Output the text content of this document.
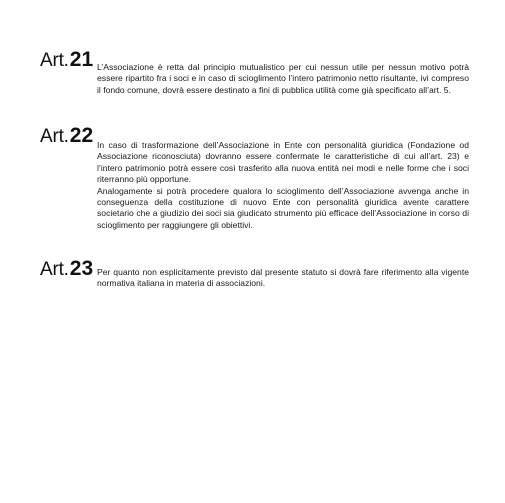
Art.21 L’Associazione è retta dal principio mutualistico per cui nessun utile per nessun motivo potrà essere ripartito fra i soci e in caso di scioglimento l’intero patrimonio netto risultante, ivi compreso il fondo comune, dovrà essere destinato a fini di pubblica utilità come già specificato all’art. 5.

Art.22 In caso di trasformazione dell’Associazione in Ente con personalità giuridica (Fondazione od Associazione riconosciuta) dovranno essere confermate le caratteristiche di cui all’art. 23) e l’intero patrimonio potrà essere così trasferito alla nuova entità nei modi e nelle forme che i soci riterranno più opportune.

Analogamente si potrà procedere qualora lo scioglimento dell’Associazione avvenga anche in conseguenza della costituzione di nuovo Ente con personalità giuridica avente carattere societario che a giudizio dei soci sia giudicato strumento più efficace dell’Associazione in corso di scioglimento per raggiungere gli obiettivi.

Art.23 Per quanto non esplicitamente previsto dal presente statuto si dovrà fare riferimento alla vigente normativa italiana in materia di associazioni.
